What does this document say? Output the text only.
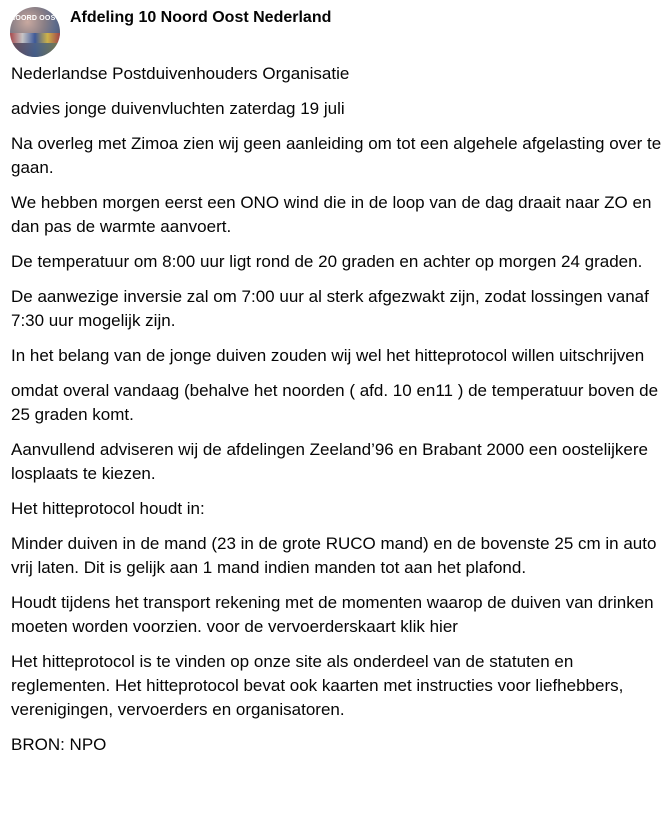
NOORD OOST Afdeling 10 Noord Oost Nederland

Nederlandse Postduivenhouders Organisatie

advies jonge duivenvluchten zaterdag 19 juli

Na overleg met Zimoa zien wij geen aanleiding om tot een algehele afgelasting over te gaan.

We hebben morgen eerst een ONO wind die in de loop van de dag draait naar ZO en dan pas de warmte aanvoert.

De temperatuur om 8:00 uur ligt rond de 20 graden en achter op morgen 24 graden.

De aanwezige inversie zal om 7:00 uur al sterk afgezwakt zijn, zodat lossingen vanaf 7:30 uur mogelijk zijn.

In het belang van de jonge duiven zouden wij wel het hitteprotocol willen uitschrijven

omdat overal vandaag (behalve het noorden ( afd. 10 en11 ) de temperatuur boven de 25 graden komt.

Aanvullend adviseren wij de afdelingen Zeeland’96 en Brabant 2000 een oostelijkere losplaats te kiezen.

Het hitteprotocol houdt in:

Minder duiven in de mand (23 in de grote RUCO mand) en de bovenste 25 cm in auto vrij laten. Dit is gelijk aan 1 mand indien manden tot aan het plafond.

Houdt tijdens het transport rekening met de momenten waarop de duiven van drinken moeten worden voorzien. voor de vervoerderskaart klik hier

Het hitteprotocol is te vinden op onze site als onderdeel van de statuten en reglementen. Het hitteprotocol bevat ook kaarten met instructies voor liefhebbers, verenigingen, vervoerders en organisatoren.

BRON: NPO
